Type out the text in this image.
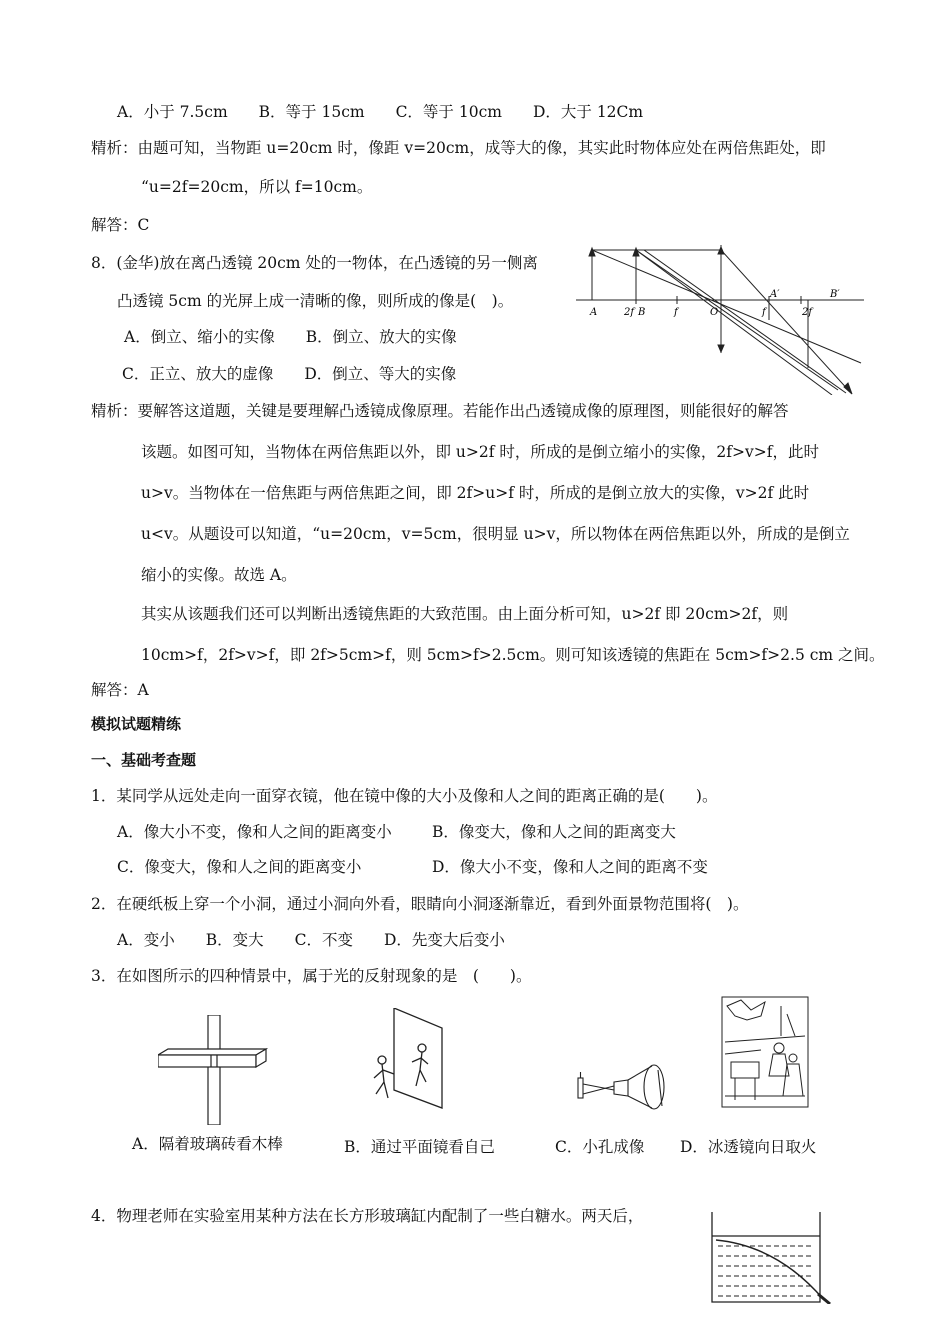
A．小于 7.5cm　　B．等于 15cm　　C．等于 10cm　　D．大于 12Cm
精析：由题可知，当物距 u=20cm 时，像距 v=20cm，成等大的像，其实此时物体应处在两倍焦距处，即
“u=2f=20cm，所以 f=10cm。
解答：C
8．(金华)放在离凸透镜 20cm 处的一物体，在凸透镜的另一侧离
凸透镜 5cm 的光屏上成一清晰的像，则所成的像是(　)。
A．倒立、缩小的实像　　B．倒立、放大的实像
C．正立、放大的虚像　　D．倒立、等大的实像
A	2f B	f	O
A′
f	2f
B′
精析：要解答这道题，关键是要理解凸透镜成像原理。若能作出凸透镜成像的原理图，则能很好的解答
该题。如图可知，当物体在两倍焦距以外，即 u>2f 时，所成的是倒立缩小的实像，2f>v>f，此时
u>v。当物体在一倍焦距与两倍焦距之间，即 2f>u>f 时，所成的是倒立放大的实像，v>2f 此时
u<v。从题设可以知道，“u=20cm，v=5cm，很明显 u>v，所以物体在两倍焦距以外，所成的是倒立
缩小的实像。故选 A。
其实从该题我们还可以判断出透镜焦距的大致范围。由上面分析可知，u>2f 即 20cm>2f，则
10cm>f，2f>v>f，即 2f>5cm>f，则 5cm>f>2.5cm。则可知该透镜的焦距在 5cm>f>2.5 cm 之间。
解答：A
模拟试题精练
一、基础考查题
1．某同学从远处走向一面穿衣镜，他在镜中像的大小及像和人之间的距离正确的是(　　)。
A．像大小不变，像和人之间的距离变小	B．像变大，像和人之间的距离变大
C．像变大，像和人之间的距离变小	D．像大小不变，像和人之间的距离不变
2．在硬纸板上穿一个小洞，通过小洞向外看，眼睛向小洞逐渐靠近，看到外面景物范围将(　)。
A．变小　　B．变大　　C．不变　　D．先变大后变小
3．在如图所示的四种情景中，属于光的反射现象的是　(　　)。
A．隔着玻璃砖看木棒	B．通过平面镜看自己	C．小孔成像 D．冰透镜向日取火
4．物理老师在实验室用某种方法在长方形玻璃缸内配制了一些白糖水。两天后，
